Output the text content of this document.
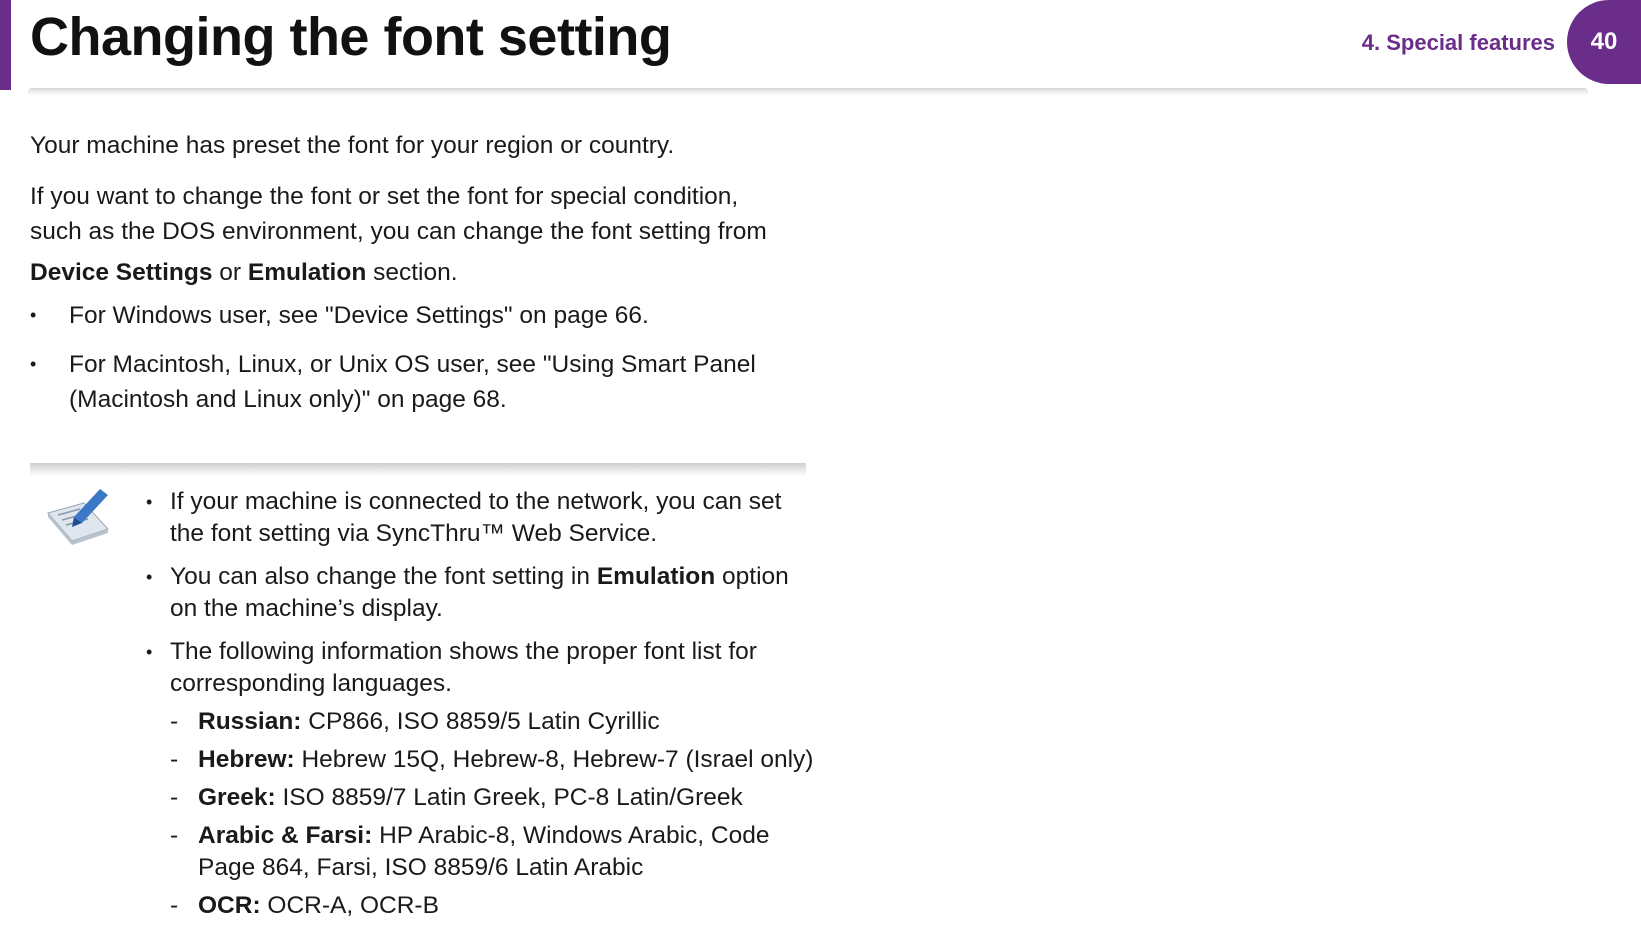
Changing the font setting	4. Special features	40

Your machine has preset the font for your region or country.

If you want to change the font or set the font for special condition,
such as the DOS environment, you can change the font setting from
Device Settings or Emulation section.

• For Windows user, see "Device Settings" on page 66.
• For Macintosh, Linux, or Unix OS user, see "Using Smart Panel (Macintosh and Linux only)" on page 68.
• If your machine is connected to the network, you can set the font setting via SyncThru™ Web Service.
• You can also change the font setting in Emulation option on the machine’s display.
• The following information shows the proper font list for corresponding languages.
- Russian: CP866, ISO 8859/5 Latin Cyrillic
- Hebrew: Hebrew 15Q, Hebrew-8, Hebrew-7 (Israel only)
- Greek: ISO 8859/7 Latin Greek, PC-8 Latin/Greek
- Arabic & Farsi: HP Arabic-8, Windows Arabic, Code Page 864, Farsi, ISO 8859/6 Latin Arabic
- OCR: OCR-A, OCR-B
